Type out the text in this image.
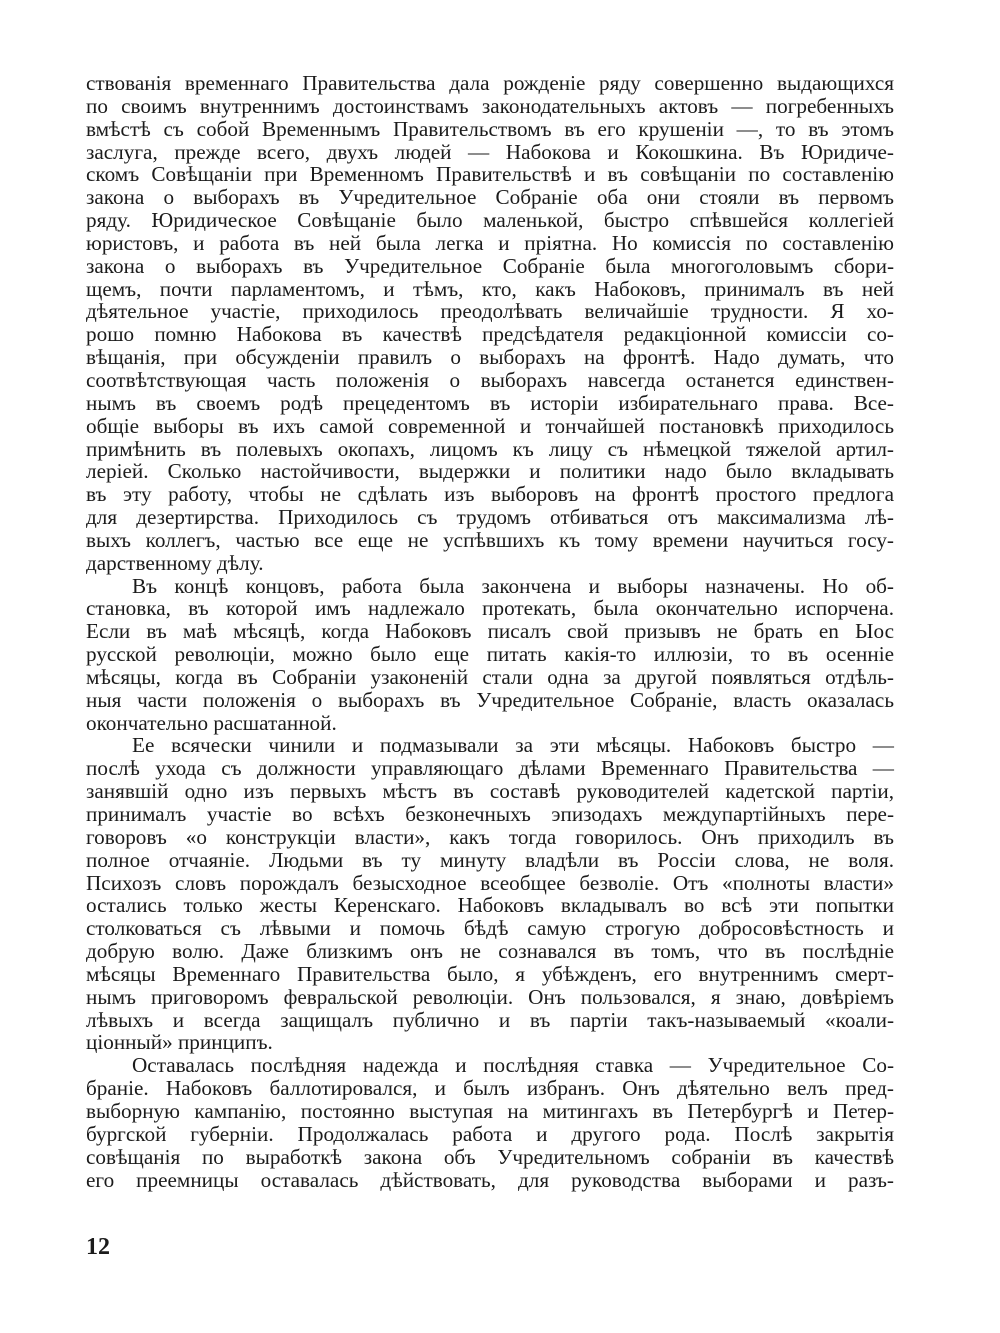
ствованія временнаго Правительства дала рожденіе ряду совершенно выдающихся
по своимъ внутреннимъ достоинствамъ законодательныхъ актовъ — погребенныхъ
вмѣстѣ съ собой Временнымъ Правительствомъ въ его крушеніи —, то въ этомъ
заслуга, прежде всего, двухъ людей — Набокова и Кокошкина. Въ Юридиче-
скомъ Совѣщаніи при Временномъ Правительствѣ и въ совѣщаніи по составленію
закона о выборахъ въ Учредительное Собраніе оба они стояли въ первомъ
ряду. Юридическое Совѣщаніе было маленькой, быстро спѣвшейся коллегіей
юристовъ, и работа въ ней была легка и пріятна. Но комиссія по составленію
закона о выборахъ въ Учредительное Собраніе была многоголовымъ сбори-
щемъ, почти парламентомъ, и тѣмъ, кто, какъ Набоковъ, принималъ въ ней
дѣятельное участіе, приходилось преодолѣвать величайшіе трудности. Я хо-
рошо помню Набокова въ качествѣ предсѣдателя редакціонной комиссіи со-
вѣщанія, при обсужденіи правилъ о выборахъ на фронтѣ. Надо думать, что
соотвѣтствующая часть положенія о выборахъ навсегда останется единствен-
нымъ въ своемъ родѣ прецедентомъ въ исторіи избирательнаго права. Все-
общіе выборы въ ихъ самой современной и тончайшей постановкѣ приходилось
примѣнить въ полевыхъ окопахъ, лицомъ къ лицу съ нѣмецкой тяжелой артил-
леріей. Сколько настойчивости, выдержки и политики надо было вкладывать
въ эту работу, чтобы не сдѣлать изъ выборовъ на фронтѣ простого предлога
для дезертирства. Приходилось съ трудомъ отбиваться отъ максимализма лѣ-
выхъ коллегъ, частью все еще не успѣвшихъ къ тому времени научиться госу-
дарственному дѣлу.
Въ концѣ концовъ, работа была закончена и выборы назначены. Но об-
становка, въ которой имъ надлежало протекать, была окончательно испорчена.
Если въ маѣ мѣсяцѣ, когда Набоковъ писалъ свой призывъ не брать en Ыос
русской революціи, можно было еще питать какія-то иллюзіи, то въ осенніе
мѣсяцы, когда въ Собраніи узаконеній стали одна за другой появляться отдѣль-
ныя части положенія о выборахъ въ Учредительное Собраніе, власть оказалась
окончательно расшатанной.
Ее всячески чинили и подмазывали за эти мѣсяцы. Набоковъ быстро —
послѣ ухода съ должности управляющаго дѣлами Временнаго Правительства —
занявшій одно изъ первыхъ мѣстъ въ составѣ руководителей кадетской партіи,
принималъ участіе во всѣхъ безконечныхъ эпизодахъ междупартійныхъ пере-
говоровъ «о конструкціи власти», какъ тогда говорилось. Онъ приходилъ въ
полное отчаяніе. Людьми въ ту минуту владѣли въ Россіи слова, не воля.
Психозъ словъ порождалъ безысходное всеобщее безволіе. Отъ «полноты власти»
остались только жесты Керенскаго. Набоковъ вкладывалъ во всѣ эти попытки
столковаться съ лѣвыми и помочь бѣдѣ самую строгую добросовѣстность и
добрую волю. Даже близкимъ онъ не сознавался въ томъ, что въ послѣдніе
мѣсяцы Временнаго Правительства было, я убѣжденъ, его внутреннимъ смерт-
нымъ приговоромъ февральской революціи. Онъ пользовался, я знаю, довѣріемъ
лѣвыхъ и всегда защищалъ публично и въ партіи такъ-называемый «коали-
ціонный» принципъ.
Оставалась послѣдняя надежда и послѣдняя ставка — Учредительное Со-
браніе. Набоковъ баллотировался, и былъ избранъ. Онъ дѣятельно велъ пред-
выборную кампанію, постоянно выступая на митингахъ въ Петербургѣ и Петер-
бургской губерніи. Продолжалась работа и другого рода. Послѣ закрытія
совѣщанія по выработкѣ закона объ Учредительномъ собраніи въ качествѣ
его преемницы оставалась дѣйствовать, для руководства выборами и разъ-
12
